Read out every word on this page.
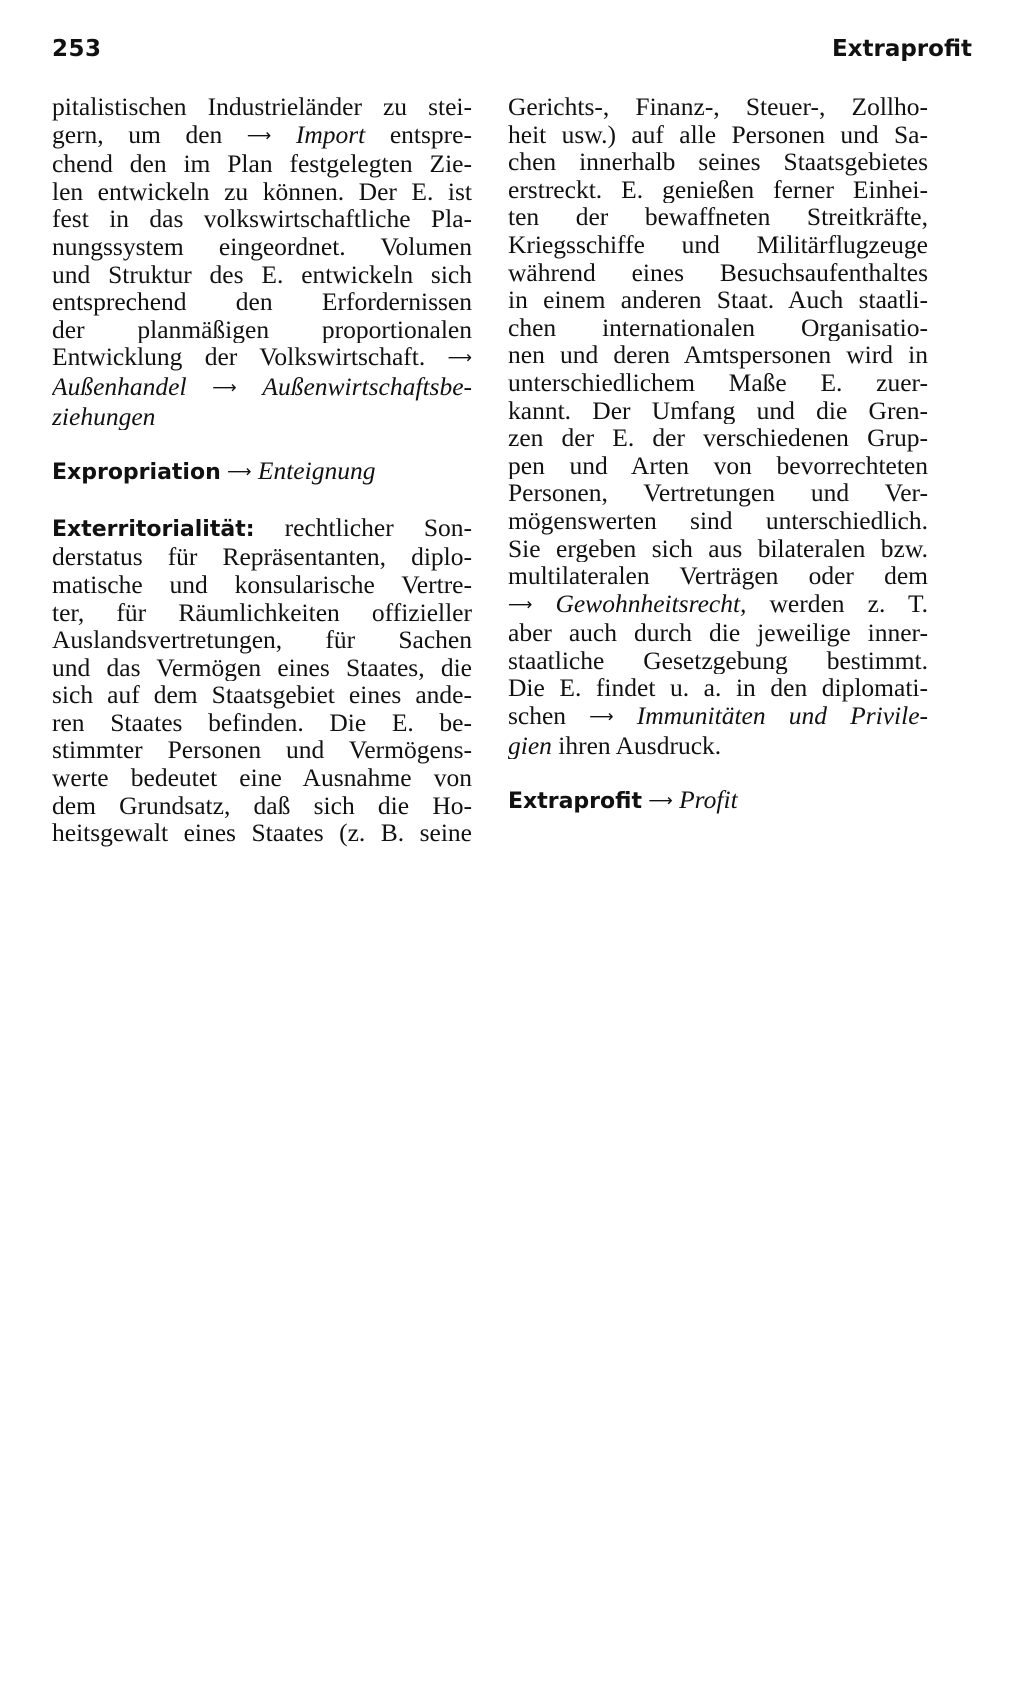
253	Extraprofit
pitalistischen Industrieländer zu stei-
gern, um den ⟶ Import entspre-
chend den im Plan festgelegten Zie-
len entwickeln zu können. Der E. ist
fest in das volkswirtschaftliche Pla-
nungssystem eingeordnet. Volumen
und Struktur des E. entwickeln sich
entsprechend den Erfordernissen
der planmäßigen proportionalen
Entwicklung der Volkswirtschaft. ⟶
Außenhandel ⟶ Außenwirtschaftsbe-
ziehungen
Expropriation ⟶ Enteignung
Exterritorialität: rechtlicher Son-
derstatus für Repräsentanten, diplo-
matische und konsularische Vertre-
ter, für Räumlichkeiten offizieller
Auslandsvertretungen, für Sachen
und das Vermögen eines Staates, die
sich auf dem Staatsgebiet eines ande-
ren Staates befinden. Die E. be-
stimmter Personen und Vermögens-
werte bedeutet eine Ausnahme von
dem Grundsatz, daß sich die Ho-
heitsgewalt eines Staates (z. B. seine
Gerichts-, Finanz-, Steuer-, Zollho-
heit usw.) auf alle Personen und Sa-
chen innerhalb seines Staatsgebietes
erstreckt. E. genießen ferner Einhei-
ten der bewaffneten Streitkräfte,
Kriegsschiffe und Militärflugzeuge
während eines Besuchsaufenthaltes
in einem anderen Staat. Auch staatli-
chen internationalen Organisatio-
nen und deren Amtspersonen wird in
unterschiedlichem Maße E. zuer-
kannt. Der Umfang und die Gren-
zen der E. der verschiedenen Grup-
pen und Arten von bevorrechteten
Personen, Vertretungen und Ver-
mögenswerten sind unterschiedlich.
Sie ergeben sich aus bilateralen bzw.
multilateralen Verträgen oder dem
⟶ Gewohnheitsrecht, werden z. T.
aber auch durch die jeweilige inner-
staatliche Gesetzgebung bestimmt.
Die E. findet u. a. in den diplomati-
schen ⟶ Immunitäten und Privile-
gien ihren Ausdruck.
Extraprofit ⟶ Profit
